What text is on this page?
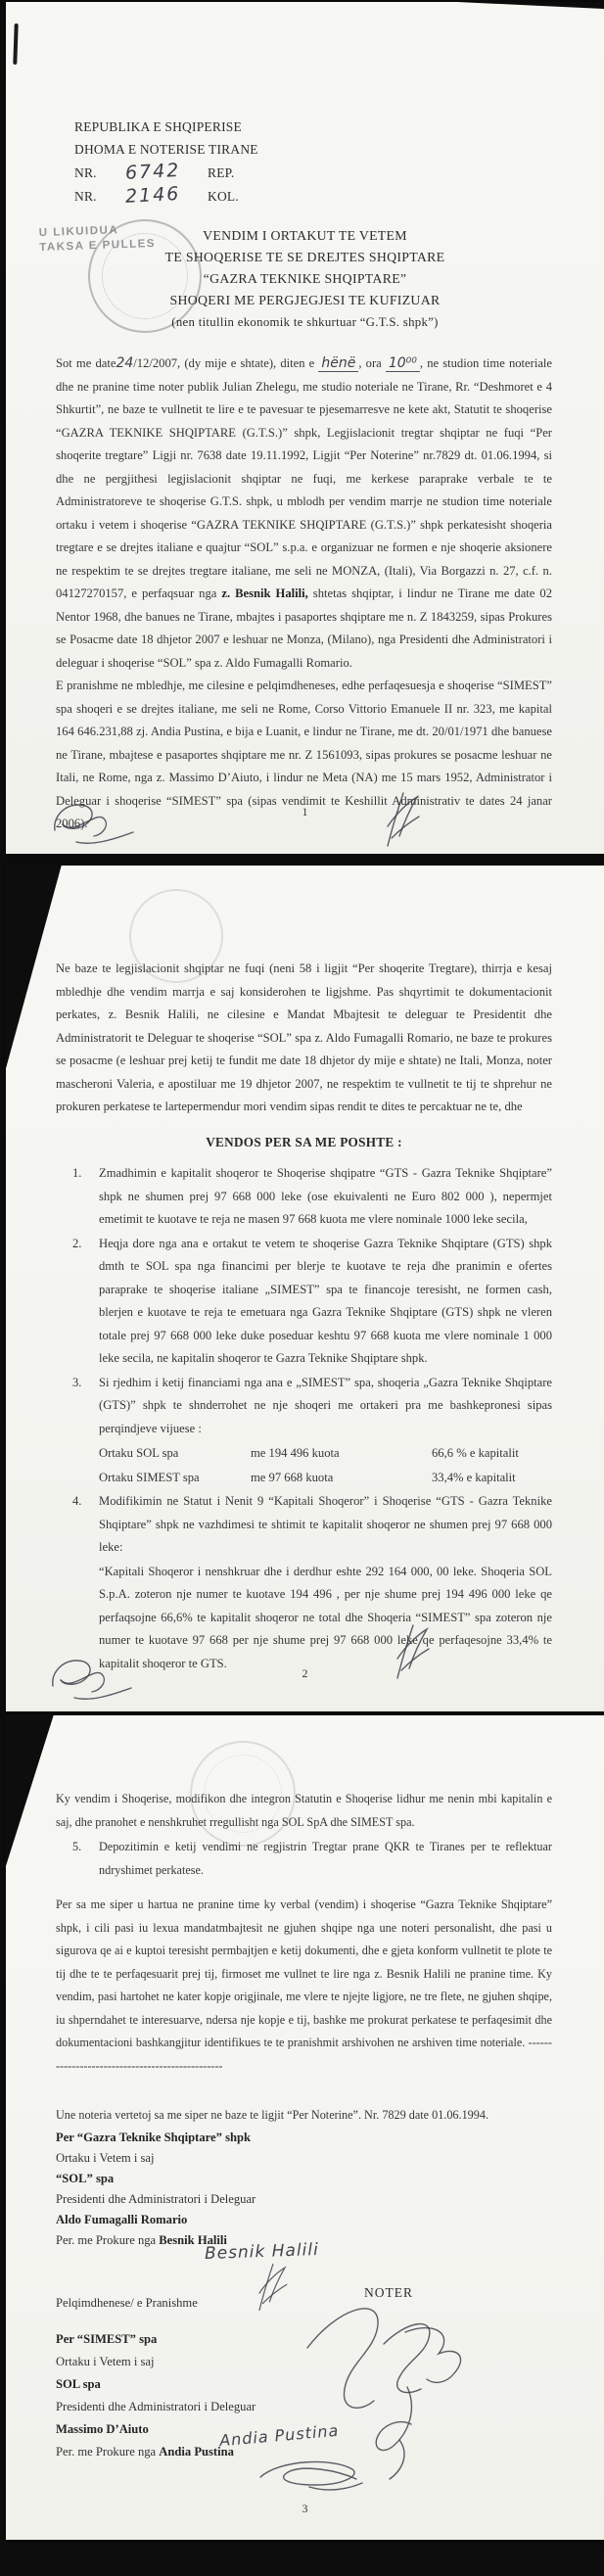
REPUBLIKA E SHQIPERISE
DHOMA E NOTERISE TIRANE
NR.	6742	REP.
NR.	2146	KOL.
U LIKUIDUA
TAKSA E PULLES
VENDIM I ORTAKUT TE VETEM
TE SHOQERISE TE SE DREJTES SHQIPTARE
“GAZRA TEKNIKE SHQIPTARE”
SHOQERI ME PERGJEGJESI TE KUFIZUAR
(nen titullin ekonomik te shkurtuar “G.T.S. shpk”)

Sot me date24/12/2007, (dy mije e shtate), diten e hënë , ora 10⁰⁰ , ne studion time noteriale dhe ne pranine time noter publik Julian Zhelegu, me studio noteriale ne Tirane, Rr. “Deshmoret e 4 Shkurtit”, ne baze te vullnetit te lire e te pavesuar te pjesemarresve ne kete akt, Statutit te shoqerise “GAZRA TEKNIKE SHQIPTARE (G.T.S.)” shpk, Legjislacionit tregtar shqiptar ne fuqi “Per shoqerite tregtare” Ligji nr. 7638 date 19.11.1992, Ligjit “Per Noterine” nr.7829 dt. 01.06.1994, si dhe ne pergjithesi legjislacionit shqiptar ne fuqi, me kerkese paraprake verbale te te Administratoreve te shoqerise G.T.S. shpk, u mblodh per vendim marrje ne studion time noteriale ortaku i vetem i shoqerise “GAZRA TEKNIKE SHQIPTARE (G.T.S.)” shpk perkatesisht shoqeria tregtare e se drejtes italiane e quajtur “SOL” s.p.a. e organizuar ne formen e nje shoqerie aksionere ne respektim te se drejtes tregtare italiane, me seli ne MONZA, (Itali), Via Borgazzi n. 27, c.f. n. 04127270157, e perfaqsuar nga z. Besnik Halili, shtetas shqiptar, i lindur ne Tirane me date 02 Nentor 1968, dhe banues ne Tirane, mbajtes i pasaportes shqiptare me n. Z 1843259, sipas Prokures se Posacme date 18 dhjetor 2007 e leshuar ne Monza, (Milano), nga Presidenti dhe Administratori i deleguar i shoqerise “SOL” spa z. Aldo Fumagalli Romario.

E pranishme ne mbledhje, me cilesine e pelqimdheneses, edhe perfaqesuesja e shoqerise “SIMEST” spa shoqeri e se drejtes italiane, me seli ne Rome, Corso Vittorio Emanuele II nr. 323, me kapital 164 646.231,88 zj. Andia Pustina, e bija e Luanit, e lindur ne Tirane, me dt. 20/01/1971 dhe banuese ne Tirane, mbajtese e pasaportes shqiptare me nr. Z 1561093, sipas prokures se posacme leshuar ne Itali, ne Rome, nga z. Massimo D’Aiuto, i lindur ne Meta (NA) me 15 mars 1952, Administrator i Deleguar i shoqerise “SIMEST” spa (sipas vendimit te Keshillit Administrativ te dates 24 janar 2006).

1

Ne baze te legjislacionit shqiptar ne fuqi (neni 58 i ligjit “Per shoqerite Tregtare), thirrja e kesaj mbledhje dhe vendim marrja e saj konsiderohen te ligjshme. Pas shqyrtimit te dokumentacionit perkates, z. Besnik Halili, ne cilesine e Mandat Mbajtesit te deleguar te Presidentit dhe Administratorit te Deleguar te shoqerise “SOL” spa z. Aldo Fumagalli Romario, ne baze te prokures se posacme (e leshuar prej ketij te fundit me date 18 dhjetor dy mije e shtate) ne Itali, Monza, noter mascheroni Valeria, e apostiluar me 19 dhjetor 2007, ne respektim te vullnetit te tij te shprehur ne prokuren perkatese te lartepermendur mori vendim sipas rendit te dites te percaktuar ne te, dhe

VENDOS PER SA ME POSHTE :
1.	Zmadhimin e kapitalit shoqeror te Shoqerise shqipatre “GTS - Gazra Teknike Shqiptare” shpk ne shumen prej 97 668 000 leke (ose ekuivalenti ne Euro 802 000 ), nepermjet emetimit te kuotave te reja ne masen 97 668 kuota me vlere nominale 1000 leke secila,
2.	Heqja dore nga ana e ortakut te vetem te shoqerise Gazra Teknike Shqiptare (GTS) shpk dmth te SOL spa nga financimi per blerje te kuotave te reja dhe pranimin e ofertes paraprake te shoqerise italiane „SIMEST” spa te financoje teresisht, ne formen cash, blerjen e kuotave te reja te emetuara nga Gazra Teknike Shqiptare (GTS) shpk ne vleren totale prej 97 668 000 leke duke poseduar keshtu 97 668 kuota me vlere nominale 1 000 leke secila, ne kapitalin shoqeror te Gazra Teknike Shqiptare shpk.
3.	Si rjedhim i ketij financiami nga ana e „SIMEST” spa, shoqeria „Gazra Teknike Shqiptare (GTS)” shpk te shnderrohet ne nje shoqeri me ortakeri pra me bashkepronesi sipas perqindjeve vijuese :
Ortaku SOL spa	me 194 496 kuota	66,6 % e kapitalit
Ortaku SIMEST spa	me 97 668 kuota	33,4% e kapitalit
4.	Modifikimin ne Statut i Nenit 9 “Kapitali Shoqeror” i Shoqerise “GTS - Gazra Teknike Shqiptare” shpk ne vazhdimesi te shtimit te kapitalit shoqeror ne shumen prej 97 668 000 leke:
“Kapitali Shoqeror i nenshkruar dhe i derdhur eshte 292 164 000, 00 leke. Shoqeria SOL S.p.A. zoteron nje numer te kuotave 194 496 , per nje shume prej 194 496 000 leke qe perfaqsojne 66,6% te kapitalit shoqeror ne total dhe Shoqeria “SIMEST” spa zoteron nje numer te kuotave 97 668 per nje shume prej 97 668 000 leke qe perfaqesojne 33,4% te kapitalit shoqeror te GTS.
2
Ky vendim i Shoqerise, modifikon dhe integron Statutin e Shoqerise lidhur me nenin mbi kapitalin e saj, dhe pranohet e nenshkruhet rregullisht nga SOL SpA dhe SIMEST spa.
5.	Depozitimin e ketij vendimi ne regjistrin Tregtar prane QKR te Tiranes per te reflektuar ndryshimet perkatese.
Per sa me siper u hartua ne pranine time ky verbal (vendim) i shoqerise “Gazra Teknike Shqiptare” shpk, i cili pasi iu lexua mandatmbajtesit ne gjuhen shqipe nga une noteri personalisht, dhe pasi u sigurova qe ai e kuptoi teresisht permbajtjen e ketij dokumenti, dhe e gjeta konform vullnetit te plote te tij dhe te te perfaqesuarit prej tij, firmoset me vullnet te lire nga z. Besnik Halili ne pranine time. Ky vendim, pasi hartohet ne kater kopje origjinale, me vlere te njejte ligjore, ne tre flete, ne gjuhen shqipe, iu shperndahet te interesuarve, ndersa nje kopje e tij, bashke me prokurat perkatese te perfaqesimit dhe dokumentacioni bashkangjitur identifikues te te pranishmit arshivohen ne arshiven time noteriale. ------------------------------------------------
Une noteria vertetoj sa me siper ne baze te ligjit “Per Noterine”. Nr. 7829 date 01.06.1994.
Per “Gazra Teknike Shqiptare” shpk
Ortaku i Vetem i saj
“SOL” spa
Presidenti dhe Administratori i Deleguar
Aldo Fumagalli Romario
Per. me Prokure nga Besnik Halili
Besnik Halili
Pelqimdhenese/ e Pranishme
NOTER
Per “SIMEST” spa
Ortaku i Vetem i saj
SOL spa
Presidenti dhe Administratori i Deleguar
Massimo D’Aiuto
Per. me Prokure nga Andia Pustina
Andia Pustina
3
